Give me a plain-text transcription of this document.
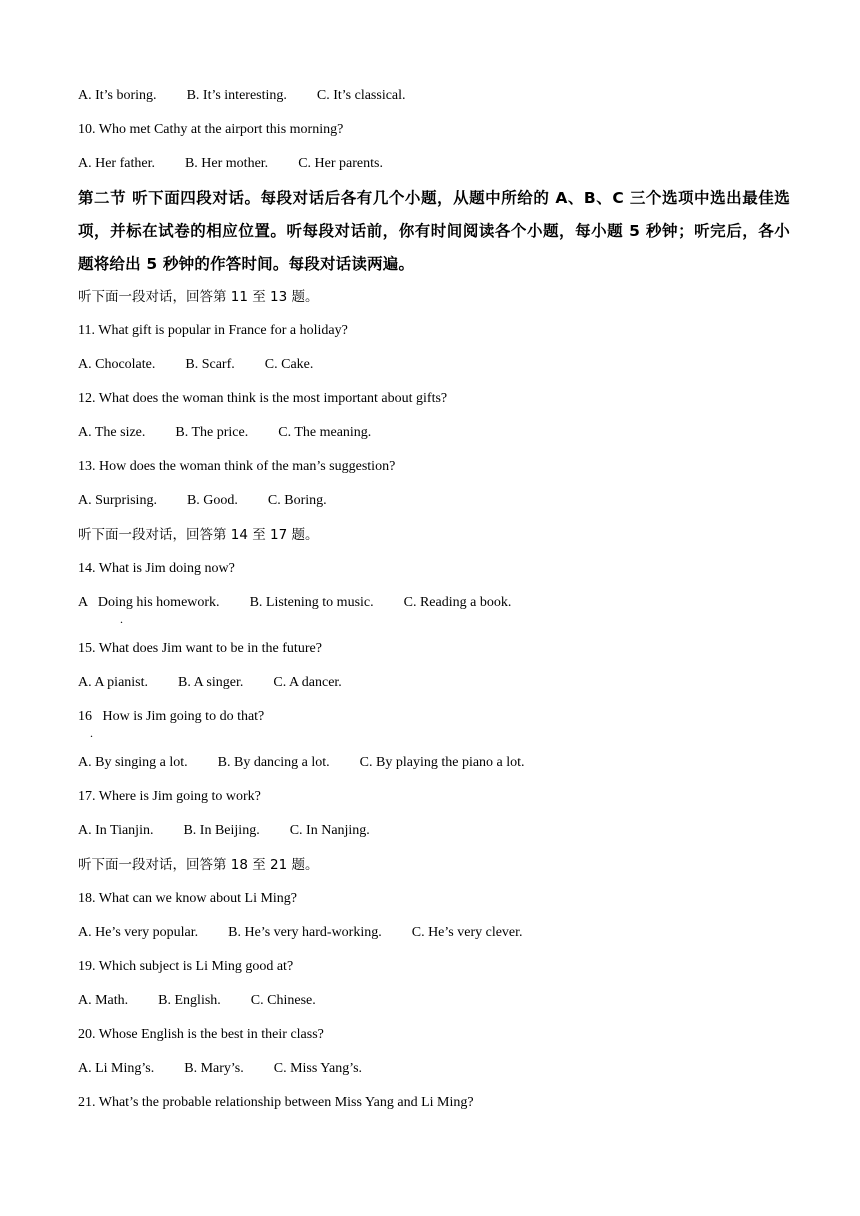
A. It’s boring. B. It’s interesting. C. It’s classical.
10. Who met Cathy at the airport this morning?
A. Her father. B. Her mother. C. Her parents.
第二节 听下面四段对话。每段对话后各有几个小题，从题中所给的 A、B、C 三个选项中选出最佳选项，并标在试卷的相应位置。听每段对话前，你有时间阅读各个小题，每小题 5 秒钟；听完后，各小题将给出 5 秒钟的作答时间。每段对话读两遍。
听下面一段对话，回答第 11 至 13 题。
11. What gift is popular in France for a holiday?
A. Chocolate. B. Scarf. C. Cake.
12. What does the woman think is the most important about gifts?
A. The size. B. The price. C. The meaning.
13. How does the woman think of the man’s suggestion?
A. Surprising. B. Good. C. Boring.
听下面一段对话，回答第 14 至 17 题。
14. What is Jim doing now?
A   Doing his homework. B. Listening to music. C. Reading a book.
.
15. What does Jim want to be in the future?
A. A pianist. B. A singer. C. A dancer.
16   How is Jim going to do that?
.
A. By singing a lot. B. By dancing a lot. C. By playing the piano a lot.
17. Where is Jim going to work?
A. In Tianjin. B. In Beijing. C. In Nanjing.
听下面一段对话，回答第 18 至 21 题。
18. What can we know about Li Ming?
A. He’s very popular. B. He’s very hard-working. C. He’s very clever.
19. Which subject is Li Ming good at?
A. Math. B. English. C. Chinese.
20. Whose English is the best in their class?
A. Li Ming’s. B. Mary’s. C. Miss Yang’s.
21. What’s the probable relationship between Miss Yang and Li Ming?
